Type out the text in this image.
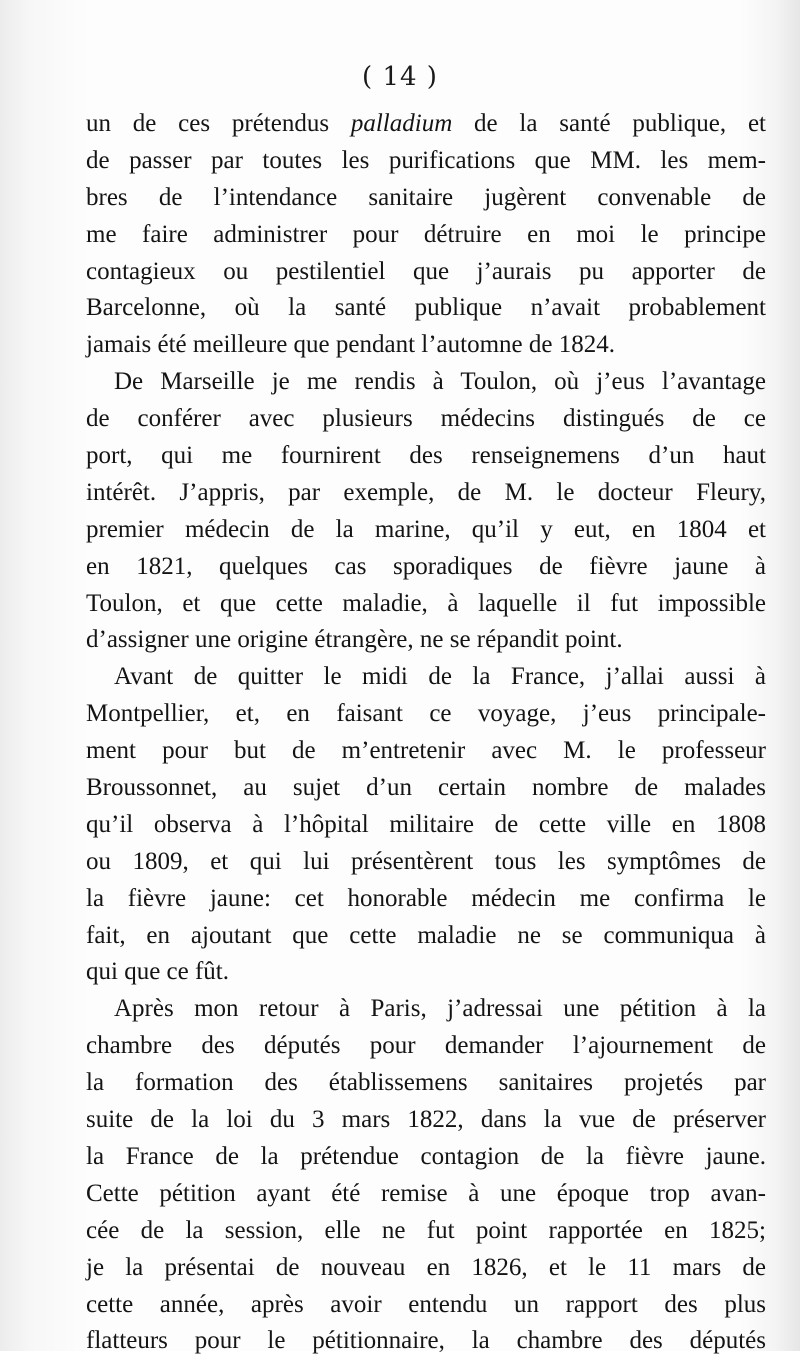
( 14 )
un de ces prétendus palladium de la santé publique, et
de passer par toutes les purifications que MM. les mem-
bres de l’intendance sanitaire jugèrent convenable de
me faire administrer pour détruire en moi le principe
contagieux ou pestilentiel que j’aurais pu apporter de
Barcelonne, où la santé publique n’avait probablement
jamais été meilleure que pendant l’automne de 1824.
De Marseille je me rendis à Toulon, où j’eus l’avantage
de conférer avec plusieurs médecins distingués de ce
port, qui me fournirent des renseignemens d’un haut
intérêt. J’appris, par exemple, de M. le docteur Fleury,
premier médecin de la marine, qu’il y eut, en 1804 et
en 1821, quelques cas sporadiques de fièvre jaune à
Toulon, et que cette maladie, à laquelle il fut impossible
d’assigner une origine étrangère, ne se répandit point.
Avant de quitter le midi de la France, j’allai aussi à
Montpellier, et, en faisant ce voyage, j’eus principale-
ment pour but de m’entretenir avec M. le professeur
Broussonnet, au sujet d’un certain nombre de malades
qu’il observa à l’hôpital militaire de cette ville en 1808
ou 1809, et qui lui présentèrent tous les symptômes de
la fièvre jaune: cet honorable médecin me confirma le
fait, en ajoutant que cette maladie ne se communiqua à
qui que ce fût.
Après mon retour à Paris, j’adressai une pétition à la
chambre des députés pour demander l’ajournement de
la formation des établissemens sanitaires projetés par
suite de la loi du 3 mars 1822, dans la vue de préserver
la France de la prétendue contagion de la fièvre jaune.
Cette pétition ayant été remise à une époque trop avan-
cée de la session, elle ne fut point rapportée en 1825;
je la présentai de nouveau en 1826, et le 11 mars de
cette année, après avoir entendu un rapport des plus
flatteurs pour le pétitionnaire, la chambre des députés
